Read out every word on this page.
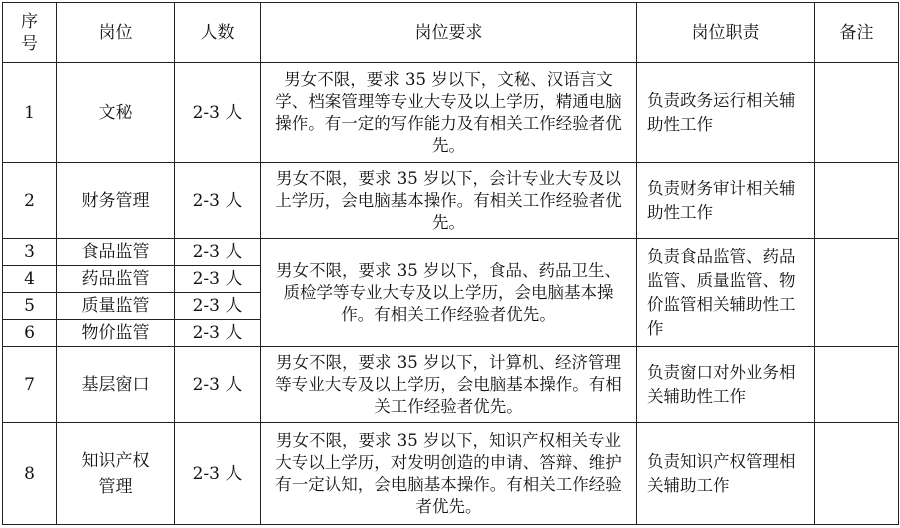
序号	岗位	人数	岗位要求	岗位职责	备注
1	文秘	2-3 人	男女不限，要求 35 岁以下，文秘、汉语言文学、档案管理等专业大专及以上学历，精通电脑操作。有一定的写作能力及有相关工作经验者优先。	负责政务运行相关辅助性工作	
2	财务管理	2-3 人	男女不限，要求 35 岁以下，会计专业大专及以上学历，会电脑基本操作。有相关工作经验者优先。	负责财务审计相关辅助性工作	
3	食品监管	2-3 人	男女不限，要求 35 岁以下，食品、药品卫生、质检学等专业大专及以上学历，会电脑基本操作。有相关工作经验者优先。	负责食品监管、药品监管、质量监管、物价监管相关辅助性工作	
4	药品监管	2-3 人			
5	质量监管	2-3 人			
6	物价监管	2-3 人			
7	基层窗口	2-3 人	男女不限，要求 35 岁以下，计算机、经济管理等专业大专及以上学历，会电脑基本操作。有相关工作经验者优先。	负责窗口对外业务相关辅助性工作	
8	知识产权管理	2-3 人	男女不限，要求 35 岁以下，知识产权相关专业大专以上学历，对发明创造的申请、答辩、维护有一定认知，会电脑基本操作。有相关工作经验者优先。	负责知识产权管理相关辅助工作	
